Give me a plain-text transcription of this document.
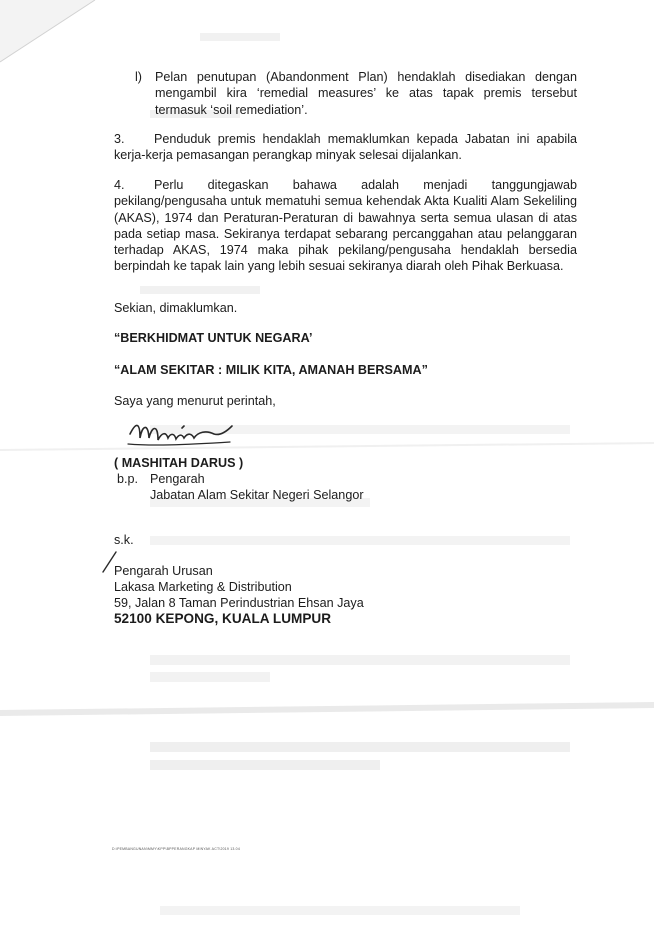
l) Pelan penutupan (Abandonment Plan) hendaklah disediakan dengan mengambil kira ‘remedial measures’ ke atas tapak premis tersebut termasuk ‘soil remediation’.
3.	Penduduk premis hendaklah memaklumkan kepada Jabatan ini apabila kerja-kerja pemasangan perangkap minyak selesai dijalankan.
4.	Perlu ditegaskan bahawa adalah menjadi tanggungjawab pekilang/pengusaha untuk mematuhi semua kehendak Akta Kualiti Alam Sekeliling (AKAS), 1974 dan Peraturan-Peraturan di bawahnya serta semua ulasan di atas pada setiap masa. Sekiranya terdapat sebarang percanggahan atau pelanggaran terhadap AKAS, 1974 maka pihak pekilang/pengusaha hendaklah bersedia berpindah ke tapak lain yang lebih sesuai sekiranya diarah oleh Pihak Berkuasa.
Sekian, dimaklumkan.
“BERKHIDMAT UNTUK NEGARA’
“ALAM SEKITAR : MILIK KITA, AMANAH BERSAMA”
Saya yang menurut perintah,
( MASHITAH DARUS )
b.p. Pengarah
Jabatan Alam Sekitar Negeri Selangor
s.k.
Pengarah Urusan
Lakasa Marketing & Distribution
59, Jalan 8 Taman Perindustrian Ehsan Jaya
52100 KEPONG, KUALA LUMPUR
D:\PEMBANGUNAN\MMY\KPP\BPPERANGKAP MINYAK ACT\2019 13.04
